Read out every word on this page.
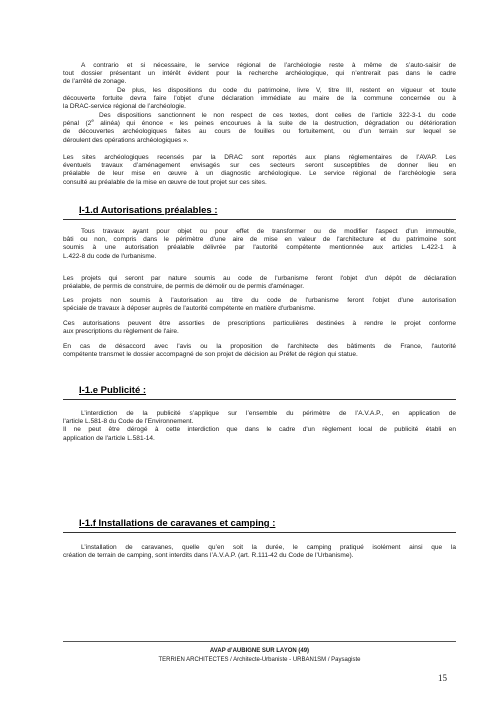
A contrario et si nécessaire, le service régional de l’archéologie reste à même de s’auto-saisir de
tout dossier présentant un intérêt évident pour la recherche archéologique, qui n’entrerait pas dans le cadre
de l’arrêté de zonage.
De plus, les dispositions du code du patrimoine, livre V, titre III, restent en vigueur et toute
découverte fortuite devra faire l’objet d’une déclaration immédiate au maire de la commune concernée ou à
la DRAC-service régional de l’archéologie.
Des dispositions sanctionnent le non respect de ces textes, dont celles de l’article 322-3-1 du code
pénal (2e alinéa) qui énonce « les peines encourues à la suite de la destruction, dégradation ou détérioration
de découvertes archéologiques faites au cours de fouilles ou fortuitement, ou d’un terrain sur lequel se
déroulent des opérations archéologiques ».
Les sites archéologiques recensés par la DRAC sont reportés aux plans réglementaires de l’AVAP. Les
éventuels travaux d’aménagement envisagés sur ces secteurs seront susceptibles de donner lieu en
préalable de leur mise en œuvre à un diagnostic archéologique. Le service régional de l’archéologie sera
consulté au préalable de la mise en œuvre de tout projet sur ces sites.
I-1.d Autorisations préalables :
Tous travaux ayant pour objet ou pour effet de transformer ou de modifier l'aspect d'un immeuble,
bâti ou non, compris dans le périmètre d'une aire de mise en valeur de l'architecture et du patrimoine sont
soumis à une autorisation préalable délivrée par l'autorité compétente mentionnée aux articles L.422-1 à
L.422-8 du code de l'urbanisme.
Les projets qui seront par nature soumis au code de l'urbanisme feront l'objet d'un dépôt de déclaration
préalable, de permis de construire, de permis de démolir ou de permis d'aménager.
Les projets non soumis à l'autorisation au titre du code de l'urbanisme feront l'objet d'une autorisation
spéciale de travaux à déposer auprès de l'autorité compétente en matière d'urbanisme.
Ces autorisations peuvent être assorties de prescriptions particulières destinées à rendre le projet conforme
aux prescriptions du règlement de l'aire.
En cas de désaccord avec l'avis ou la proposition de l'architecte des bâtiments de France, l'autorité
compétente transmet le dossier accompagné de son projet de décision au Préfet de région qui statue.
I-1.e Publicité :
L’interdiction de la publicité s’applique sur l’ensemble du périmètre de l’A.V.A.P., en application de
l'article L.581-8 du Code de l’Environnement.
Il ne peut être dérogé à cette interdiction que dans le cadre d'un règlement local de publicité établi en
application de l'article L.581-14.
I-1.f Installations de caravanes et camping :
L’installation de caravanes, quelle qu’en soit la durée, le camping pratiqué isolément ainsi que la
création de terrain de camping, sont interdits dans l’A.V.A.P. (art. R.111-42 du Code de l’Urbanisme).
AVAP d’AUBIGNE SUR LAYON (49)
TERRIEN ARCHITECTES / Architecte-Urbaniste - URBAN1SM / Paysagiste
15
